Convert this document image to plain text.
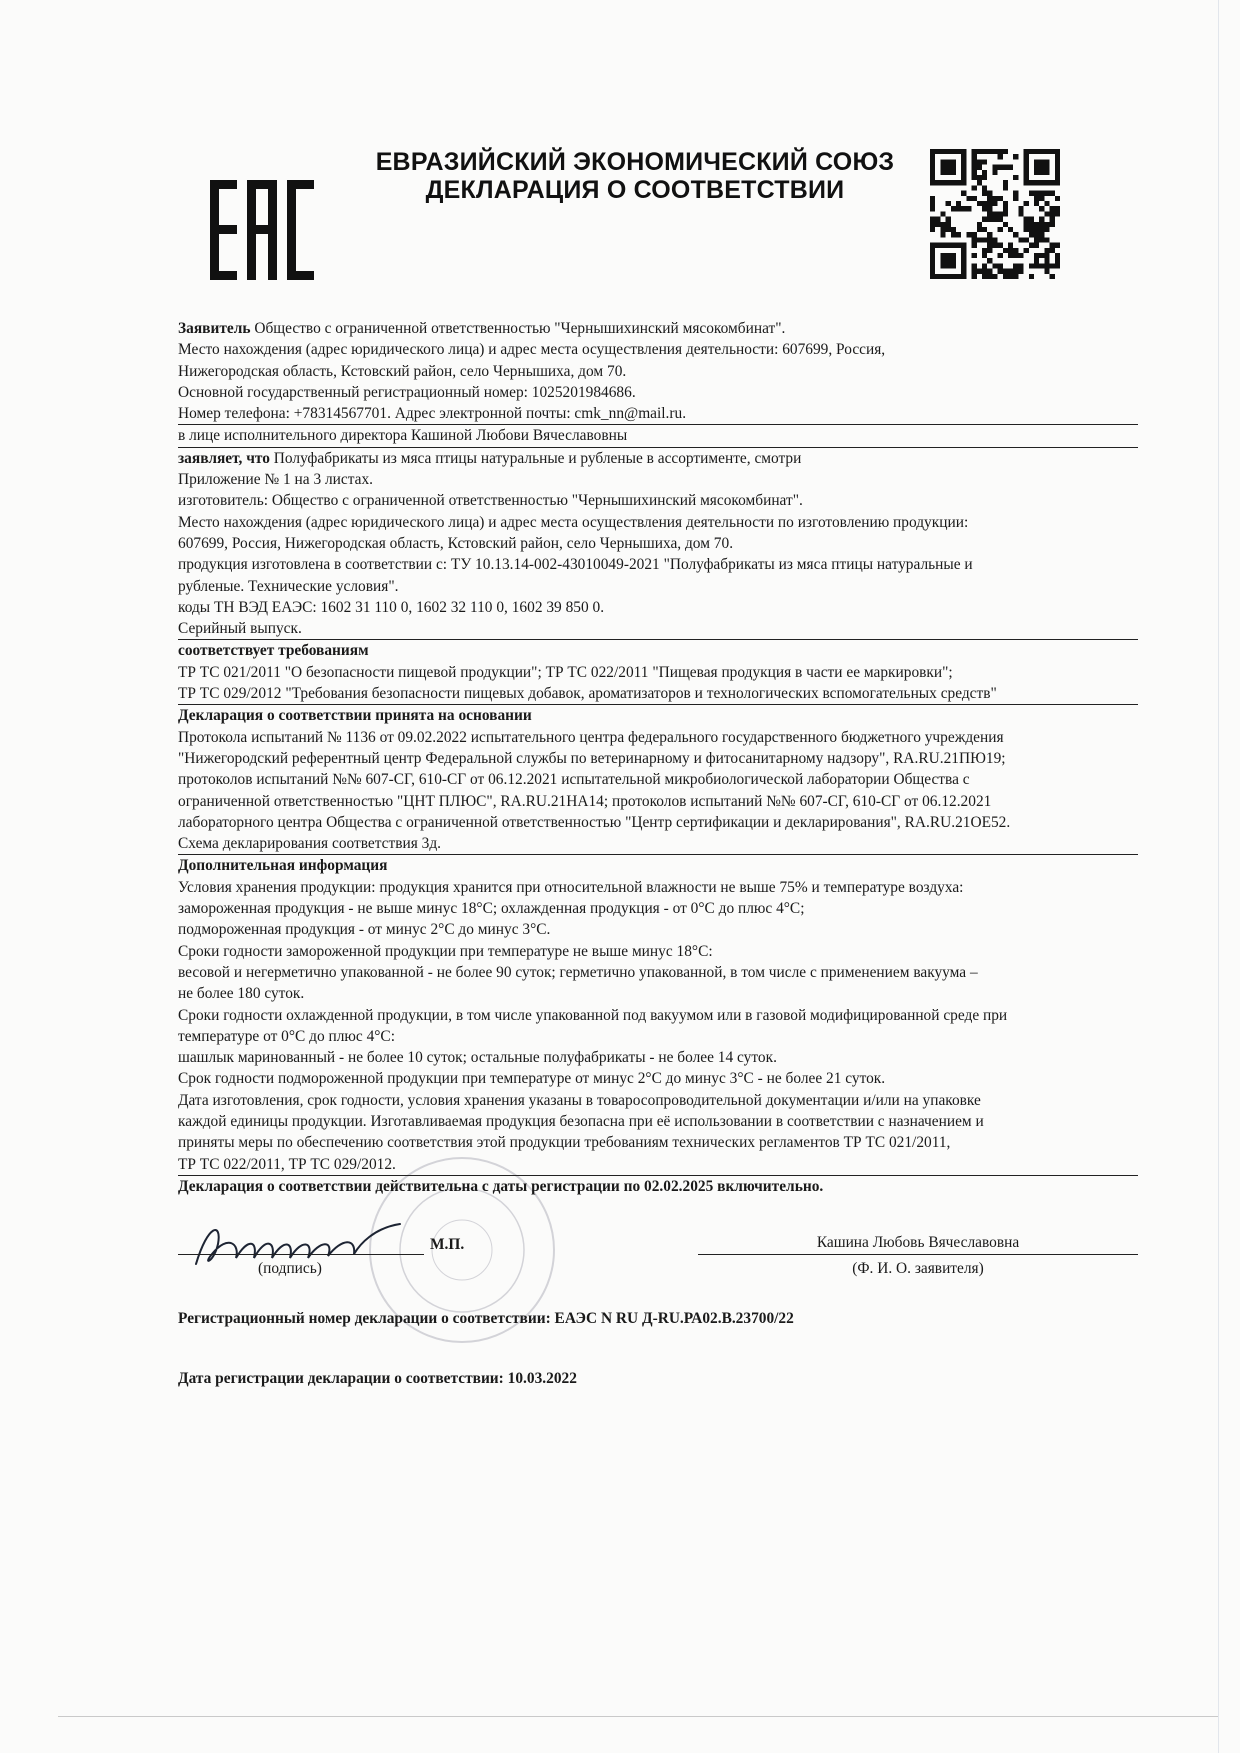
ЕВРАЗИЙСКИЙ ЭКОНОМИЧЕСКИЙ СОЮЗ
ДЕКЛАРАЦИЯ О СООТВЕТСТВИИ
Заявитель Общество с ограниченной ответственностью "Чернышихинский мясокомбинат".
Место нахождения (адрес юридического лица) и адрес места осуществления деятельности: 607699, Россия,
Нижегородская область, Кстовский район, село Чернышиха, дом 70.
Основной государственный регистрационный номер: 1025201984686.
Номер телефона: +78314567701. Адрес электронной почты: cmk_nn@mail.ru.
в лице исполнительного директора Кашиной Любови Вячеславовны
заявляет, что Полуфабрикаты из мяса птицы натуральные и рубленые в ассортименте, смотри
Приложение № 1 на 3 листах.
изготовитель: Общество с ограниченной ответственностью "Чернышихинский мясокомбинат".
Место нахождения (адрес юридического лица) и адрес места осуществления деятельности по изготовлению продукции:
607699, Россия, Нижегородская область, Кстовский район, село Чернышиха, дом 70.
продукция изготовлена в соответствии с: ТУ 10.13.14-002-43010049-2021 "Полуфабрикаты из мяса птицы натуральные и
рубленые. Технические условия".
коды ТН ВЭД ЕАЭС: 1602 31 110 0, 1602 32 110 0, 1602 39 850 0.
Серийный выпуск.
соответствует требованиям
ТР ТС 021/2011 "О безопасности пищевой продукции"; ТР ТС 022/2011 "Пищевая продукция в части ее маркировки";
ТР ТС 029/2012 "Требования безопасности пищевых добавок, ароматизаторов и технологических вспомогательных средств"
Декларация о соответствии принята на основании
Протокола испытаний № 1136 от 09.02.2022 испытательного центра федерального государственного бюджетного учреждения
"Нижегородский референтный центр Федеральной службы по ветеринарному и фитосанитарному надзору", RA.RU.21ПЮ19;
протоколов испытаний №№ 607-СГ, 610-СГ от 06.12.2021 испытательной микробиологической лаборатории Общества с
ограниченной ответственностью "ЦНТ ПЛЮС", RA.RU.21НА14; протоколов испытаний №№ 607-СГ, 610-СГ от 06.12.2021
лабораторного центра Общества с ограниченной ответственностью "Центр сертификации и декларирования", RA.RU.21ОЕ52.
Схема декларирования соответствия 3д.
Дополнительная информация
Условия хранения продукции: продукция хранится при относительной влажности не выше 75% и температуре воздуха:
замороженная продукция - не выше минус 18°С; охлажденная продукция - от 0°С до плюс 4°С;
подмороженная продукция - от минус 2°С до минус 3°С.
Сроки годности замороженной продукции при температуре не выше минус 18°С:
весовой и негерметично упакованной - не более 90 суток; герметично упакованной, в том числе с применением вакуума –
не более 180 суток.
Сроки годности охлажденной продукции, в том числе упакованной под вакуумом или в газовой модифицированной среде при
температуре от 0°С до плюс 4°С:
шашлык маринованный - не более 10 суток; остальные полуфабрикаты - не более 14 суток.
Срок годности подмороженной продукции при температуре от минус 2°С до минус 3°С - не более 21 суток.
Дата изготовления, срок годности, условия хранения указаны в товаросопроводительной документации и/или на упаковке
каждой единицы продукции. Изготавливаемая продукция безопасна при её использовании в соответствии с назначением и
приняты меры по обеспечению соответствия этой продукции требованиям технических регламентов ТР ТС 021/2011,
ТР ТС 022/2011, ТР ТС 029/2012.
Декларация о соответствии действительна с даты регистрации по 02.02.2025 включительно.
(подпись)
М.П.	Кашина Любовь Вячеславовна
(Ф. И. О. заявителя)
Регистрационный номер декларации о соответствии: ЕАЭС N RU Д-RU.РА02.В.23700/22
Дата регистрации декларации о соответствии: 10.03.2022
